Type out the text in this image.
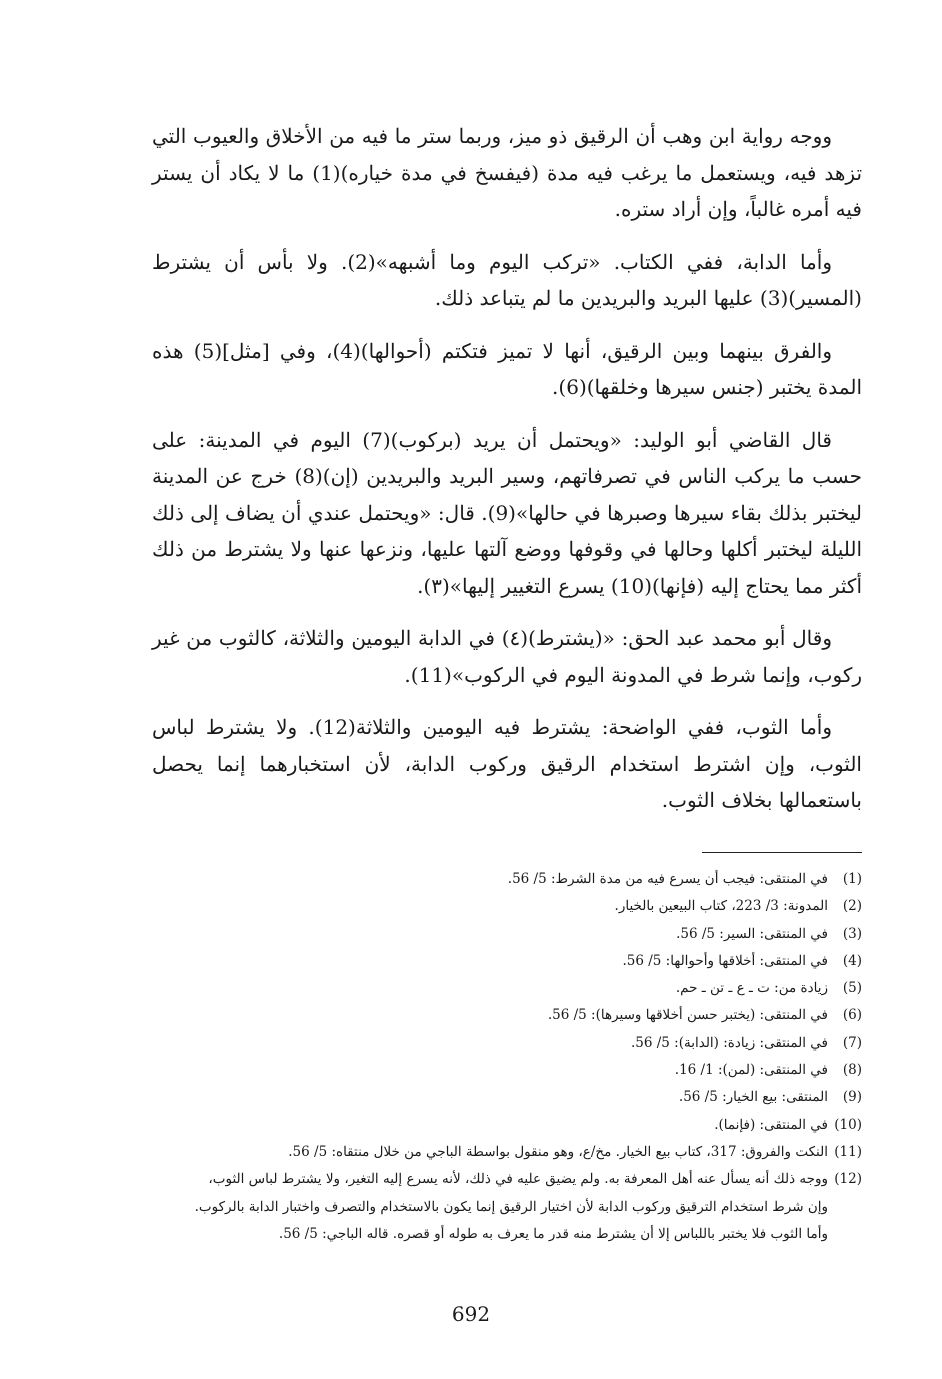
ووجه رواية ابن وهب أن الرقيق ذو ميز، وربما ستر ما فيه من الأخلاق والعيوب التي تزهد فيه، ويستعمل ما يرغب فيه مدة (فيفسخ في مدة خياره)(1) ما لا يكاد أن يستر فيه أمره غالباً، وإن أراد ستره.

وأما الدابة، ففي الكتاب. «تركب اليوم وما أشبهه»(2). ولا بأس أن يشترط (المسير)(3) عليها البريد والبريدين ما لم يتباعد ذلك.

والفرق بينهما وبين الرقيق، أنها لا تميز فتكتم (أحوالها)(4)، وفي [مثل](5) هذه المدة يختبر (جنس سيرها وخلقها)(6).

قال القاضي أبو الوليد: «ويحتمل أن يريد (بركوب)(7) اليوم في المدينة: على حسب ما يركب الناس في تصرفاتهم، وسير البريد والبريدين (إن)(8) خرج عن المدينة ليختبر بذلك بقاء سيرها وصبرها في حالها»(9). قال: «ويحتمل عندي أن يضاف إلى ذلك الليلة ليختبر أكلها وحالها في وقوفها ووضع آلتها عليها، ونزعها عنها ولا يشترط من ذلك أكثر مما يحتاج إليه (فإنها)(10) يسرع التغيير إليها»(٣).

وقال أبو محمد عبد الحق: «(يشترط)(٤) في الدابة اليومين والثلاثة، كالثوب من غير ركوب، وإنما شرط في المدونة اليوم في الركوب»(11).

وأما الثوب، ففي الواضحة: يشترط فيه اليومين والثلاثة(12). ولا يشترط لباس الثوب، وإن اشترط استخدام الرقيق وركوب الدابة، لأن استخبارهما إنما يحصل باستعمالها بخلاف الثوب.

(1)
في المنتقى: فيجب أن يسرع فيه من مدة الشرط: 5/ 56.
(2)
المدونة: 3/ 223، كتاب البيعين بالخيار.
(3)
في المنتقى: السير: 5/ 56.
(4)
في المنتقى: أخلاقها وأحوالها: 5/ 56.
(5)
زيادة من: ت ـ ع ـ تن ـ حم.
(6)
في المنتقى: (يختبر حسن أخلاقها وسيرها): 5/ 56.
(7)
في المنتقى: زيادة: (الدابة): 5/ 56.
(8)
في المنتقى: (لمن): 1/ 16.
(9)
المنتقى: بيع الخيار: 5/ 56.
(10)
في المنتقى: (فإنما).
(11)
النكت والفروق: 317، كتاب بيع الخيار. مخ/ع، وهو منقول بواسطة الباجي من خلال منتقاه: 5/ 56.
(12)
ووجه ذلك أنه يسأل عنه أهل المعرفة به. ولم يضيق عليه في ذلك، لأنه يسرع إليه التغير، ولا يشترط لباس الثوب،
وإن شرط استخدام الترقيق وركوب الدابة لأن اختيار الرقيق إنما يكون بالاستخدام والتصرف واختبار الدابة بالركوب.
وأما الثوب فلا يختبر باللباس إلا أن يشترط منه قدر ما يعرف به طوله أو قصره. قاله الباجي: 5/ 56.
692
